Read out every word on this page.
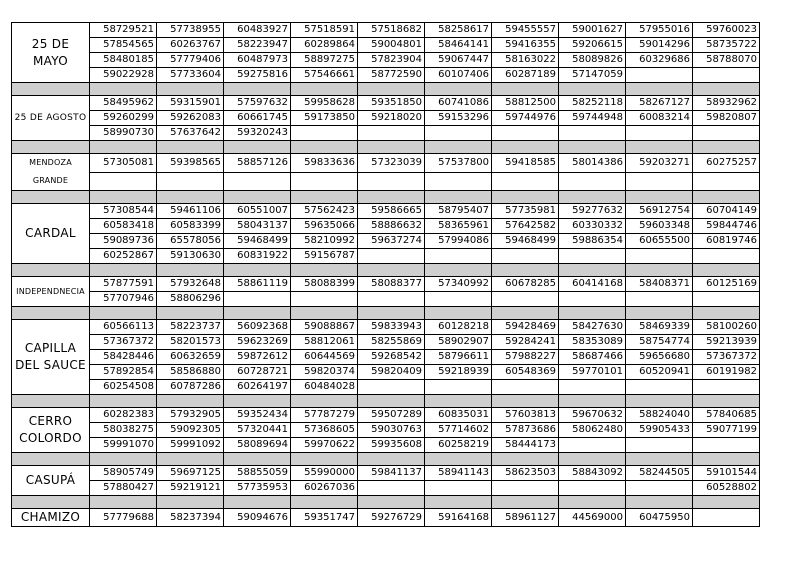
25 DE MAYO	58729521	57738955	60483927	57518591	57518682	58258617	59455557	59001627	57955016	59760023
	57854565	60263767	58223947	60289864	59004801	58464141	59416355	59206615	59014296	58735722
	58480185	57779406	60487973	58897275	57823904	59067447	58163022	58089826	60329686	58788070
	59022928	57733604	59275816	57546661	58772590	60107406	60287189	57147059		

25 DE AGOSTO	58495962	59315901	57597632	59958628	59351850	60741086	58812500	58252118	58267127	58932962
	59260299	59262083	60661745	59173850	59218020	59153296	59744976	59744948	60083214	59820807
	58990730	57637642	59320243							

MENDOZA GRANDE	57305081	59398565	58857126	59833636	57323039	57537800	59418585	58014386	59203271	60275257

CARDAL	57308544	59461106	60551007	57562423	59586665	58795407	57735981	59277632	56912754	60704149
	60583418	60583399	58043137	59635066	58886632	58365961	57642582	60330332	59603348	59844746
	59089736	65578056	59468499	58210992	59637274	57994086	59468499	59886354	60655500	60819746
	60252867	59130630	60831922	59156787						

INDEPENDNECIA	57877591	57932648	58861119	58088399	58088377	57340992	60678285	60414168	58408371	60125169
	57707946	58806296								

CAPILLA DEL SAUCE	60566113	58223737	56092368	59088867	59833943	60128218	59428469	58427630	58469339	58100260
	57367372	58201573	59623269	58812061	58255869	58902907	59284241	58353089	58754774	59213939
	58428446	60632659	59872612	60644569	59268542	58796611	57988227	58687466	59656680	57367372
	57892854	58586880	60728721	59820374	59820409	59218939	60548369	59770101	60520941	60191982
	60254508	60787286	60264197	60484028						

CERRO COLORDO	60282383	57932905	59352434	57787279	59507289	60835031	57603813	59670632	58824040	57840685
	58038275	59092305	57320441	57368605	59030763	57714602	57873686	58062480	59905433	59077199
	59991070	59991092	58089694	59970622	59935608	60258219	58444173			

CASUPÁ	58905749	59697125	58855059	55990000	59841137	58941143	58623503	58843092	58244505	59101544
	57880427	59219121	57735953	60267036						60528802

CHAMIZO	57779688	58237394	59094676	59351747	59276729	59164168	58961127	44569000	60475950	
